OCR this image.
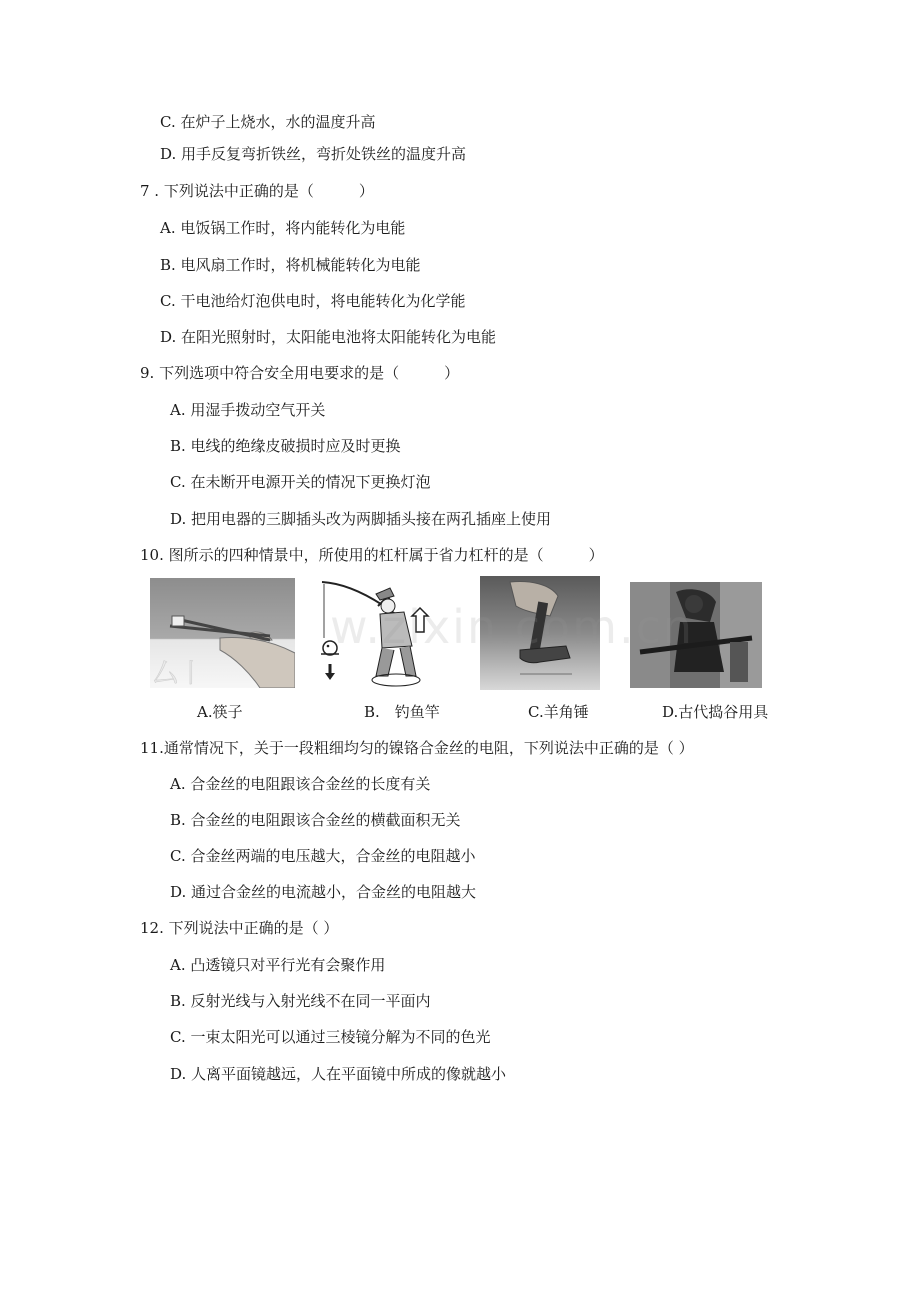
C. 在炉子上烧水，水的温度升高
D. 用手反复弯折铁丝，弯折处铁丝的温度升高
7 . 下列说法中正确的是（　　　）
A. 电饭锅工作时，将内能转化为电能
B. 电风扇工作时，将机械能转化为电能
C. 干电池给灯泡供电时，将电能转化为化学能
D. 在阳光照射时，太阳能电池将太阳能转化为电能
9. 下列选项中符合安全用电要求的是（　　　）
A. 用湿手拨动空气开关
B. 电线的绝缘皮破损时应及时更换
C. 在未断开电源开关的情况下更换灯泡
D. 把用电器的三脚插头改为两脚插头接在两孔插座上使用
10. 图所示的四种情景中，所使用的杠杆属于省力杠杆的是（　　　）
厶丨
w.zixin.com.cn
A.筷子	B.　钓鱼竿	C.羊角锤	D.古代捣谷用具
11.通常情况下，关于一段粗细均匀的镍铬合金丝的电阻，下列说法中正确的是（ ）
A. 合金丝的电阻跟该合金丝的长度有关
B. 合金丝的电阻跟该合金丝的横截面积无关
C. 合金丝两端的电压越大，合金丝的电阻越小
D. 通过合金丝的电流越小，合金丝的电阻越大
12. 下列说法中正确的是（ ）
A. 凸透镜只对平行光有会聚作用
B. 反射光线与入射光线不在同一平面内
C. 一束太阳光可以通过三棱镜分解为不同的色光
D. 人离平面镜越远，人在平面镜中所成的像就越小
